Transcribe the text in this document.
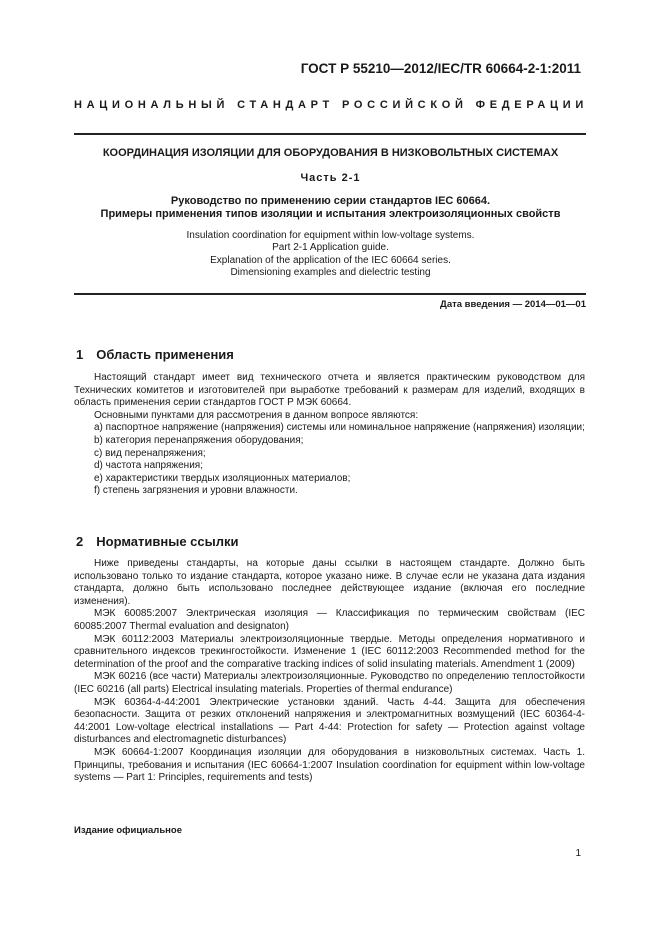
ГОСТ Р 55210—2012/IEC/TR 60664-2-1:2011
НАЦИОНАЛЬНЫЙ СТАНДАРТ РОССИЙСКОЙ ФЕДЕРАЦИИ
КООРДИНАЦИЯ ИЗОЛЯЦИИ ДЛЯ ОБОРУДОВАНИЯ В НИЗКОВОЛЬТНЫХ СИСТЕМАХ
Часть 2-1
Руководство по применению серии стандартов IEC 60664.
Примеры применения типов изоляции и испытания электроизоляционных свойств
Insulation coordination for equipment within low-voltage systems.
Part 2-1 Application guide.
Explanation of the application of the IEC 60664 series.
Dimensioning examples and dielectric testing
Дата введения — 2014—01—01
1 Область применения

Настоящий стандарт имеет вид технического отчета и является практическим руководством для Технических комитетов и изготовителей при выработке требований к размерам для изделий, входящих в область применения серии стандартов ГОСТ Р МЭК 60664.

Основными пунктами для рассмотрения в данном вопросе являются:

a) паспортное напряжение (напряжения) системы или номинальное напряжение (напряжения) изоляции;

b) категория перенапряжения оборудования;

c) вид перенапряжения;

d) частота напряжения;

e) характеристики твердых изоляционных материалов;

f) степень загрязнения и уровни влажности.

2 Нормативные ссылки

Ниже приведены стандарты, на которые даны ссылки в настоящем стандарте. Должно быть использовано только то издание стандарта, которое указано ниже. В случае если не указана дата издания стандарта, должно быть использовано последнее действующее издание (включая его последние изменения).

МЭК 60085:2007 Электрическая изоляция — Классификация по термическим свойствам (IEC 60085:2007 Thermal evaluation and designaton)

МЭК 60112:2003 Материалы электроизоляционные твердые. Методы определения нормативного и сравнительного индексов трекингостойкости. Изменение 1 (IEC 60112:2003 Recommended method for the determination of the proof and the comparative tracking indices of solid insulating materials. Amendment 1 (2009)

МЭК 60216 (все части) Материалы электроизоляционные. Руководство по определению теплостойкости (IEC 60216 (all parts) Electrical insulating materials. Properties of thermal endurance)

МЭК 60364-4-44:2001 Электрические установки зданий. Часть 4-44. Защита для обеспечения безопасности. Защита от резких отклонений напряжения и электромагнитных возмущений (IEC 60364-4-44:2001 Low-voltage electrical installations — Part 4-44: Protection for safety — Protection against voltage disturbances and electromagnetic disturbances)

МЭК 60664-1:2007 Координация изоляции для оборудования в низковольтных системах. Часть 1. Принципы, требования и испытания (IEC 60664-1:2007 Insulation coordination for equipment within low-voltage systems — Part 1: Principles, requirements and tests)

Издание официальное
1
